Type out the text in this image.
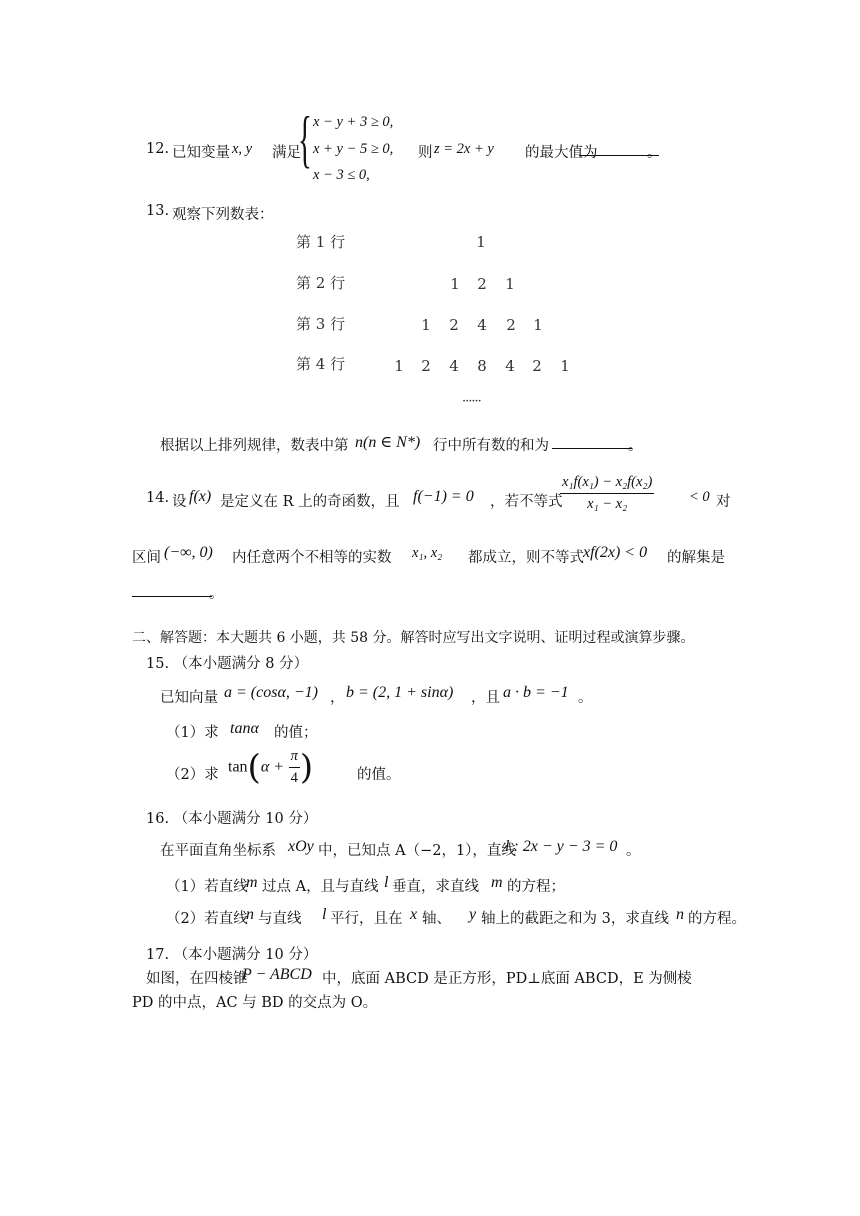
{ x − y + 3 ≥ 0,
12. 已知变量 x, y 满足 x + y − 5 ≥ 0, 则 z = 2x + y 的最大值为	。
x − 3 ≤ 0,
13. 观察下列数表：
第 1 行	1
第 2 行	1 2 1
第 3 行	1 2 4 2 1
第 4 行	1 2 4 8 4 2 1
······
根据以上排列规律，数表中第 n(n ∈ N*) 行中所有数的和为	。
14. 设 f(x) 是定义在 R 上的奇函数，且 f(−1) = 0 ，若不等式
$\frac{\text{x₁f(x₁) − x₂f(x₂)}}{\text{x₁ − x₂}} < 0$ 对
区间 (−∞, 0) 内任意两个不相等的实数 x₁, x₂ 都成立，则不等式 xf(2x) < 0 的解集是
。
二、解答题：本大题共 6 小题，共 58 分。解答时应写出文字说明、证明过程或演算步骤。
15. （本小题满分 8 分）
已知向量 a = (cosα, −1) ， b = (2, 1 + sinα) ，且 a · b = −1 。
（1）求 tanα 的值；
（2）求 $\tan(\alpha + \frac{\pi}{4}$ )	的值。
16. （本小题满分 10 分）
在平面直角坐标系 xOy 中，已知点 A（−2，1），直线
l : 2x − y − 3 = 0 。
（1）若直线
m 过点 A，且与直线 l 垂直，求直线 m 的方程；
（2）若直线
n 与直线 l 平行，且在 x 轴、 y 轴上的截距之和为 3，求直线 n 的方程。
17. （本小题满分 10 分）
如图，在四棱锥
P − ABCD 中，底面 ABCD 是正方形，PD⊥底面 ABCD，E 为侧棱
PD 的中点，AC 与 BD 的交点为 O。
